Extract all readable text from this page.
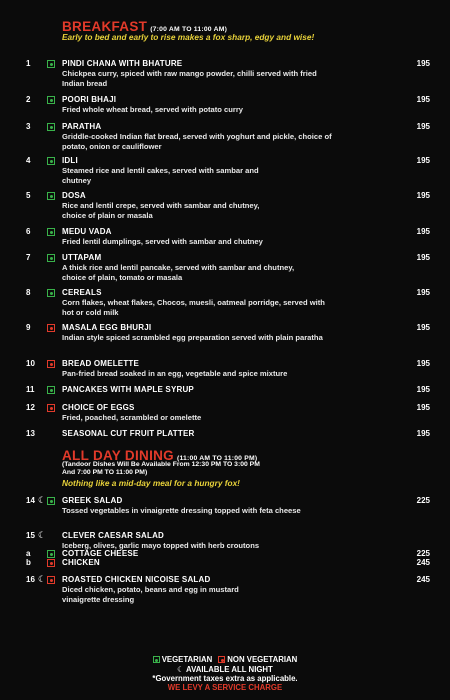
BREAKFAST (7:00 AM TO 11:00 AM)
Early to bed and early to rise makes a fox sharp, edgy and wise!
1	PINDI CHANA WITH BHATURE
Chickpea curry, spiced with raw mango powder, chilli served with fried Indian bread
195
2	POORI BHAJI
Fried whole wheat bread, served with potato curry
195
3	PARATHA
Griddle-cooked Indian flat bread, served with yoghurt and pickle, choice of potato, onion or cauliflower
195
4	IDLI
Steamed rice and lentil cakes, served with sambar and chutney
195
5	DOSA
Rice and lentil crepe, served with sambar and chutney, choice of plain or masala
195
6	MEDU VADA
Fried lentil dumplings, served with sambar and chutney
195
7	UTTAPAM
A thick rice and lentil pancake, served with sambar and chutney, choice of plain, tomato or masala
195
8	CEREALS
Corn flakes, wheat flakes, Chocos, muesli, oatmeal porridge, served with hot or cold milk
195
9	MASALA EGG BHURJI
Indian style spiced scrambled egg preparation served with plain paratha
195
10	BREAD OMELETTE
Pan-fried bread soaked in an egg, vegetable and spice mixture
195
11	PANCAKES WITH MAPLE SYRUP	195
12	CHOICE OF EGGS
Fried, poached, scrambled or omelette
195
13	SEASONAL CUT FRUIT PLATTER	195
ALL DAY DINING (11:00 AM TO 11:00 PM)
(Tandoor Dishes Will Be Available From 12:30 PM TO 3:00 PM
And 7:00 PM TO 11:00 PM)
Nothing like a mid-day meal for a hungry fox!
14 ☾ GREEK SALAD
Tossed vegetables in vinaigrette dressing topped with feta cheese
225
15 ☾ CLEVER CAESAR SALAD
Iceberg, olives, garlic mayo topped with herb croutons
a	COTTAGE CHEESE	225
b	CHICKEN	245
16 ☾ ROASTED CHICKEN NICOISE SALAD
Diced chicken, potato, beans and egg in mustard vinaigrette dressing
245
VEGETARIAN NON VEGETARIAN
☾ AVAILABLE ALL NIGHT
*Government taxes extra as applicable.
WE LEVY A SERVICE CHARGE
